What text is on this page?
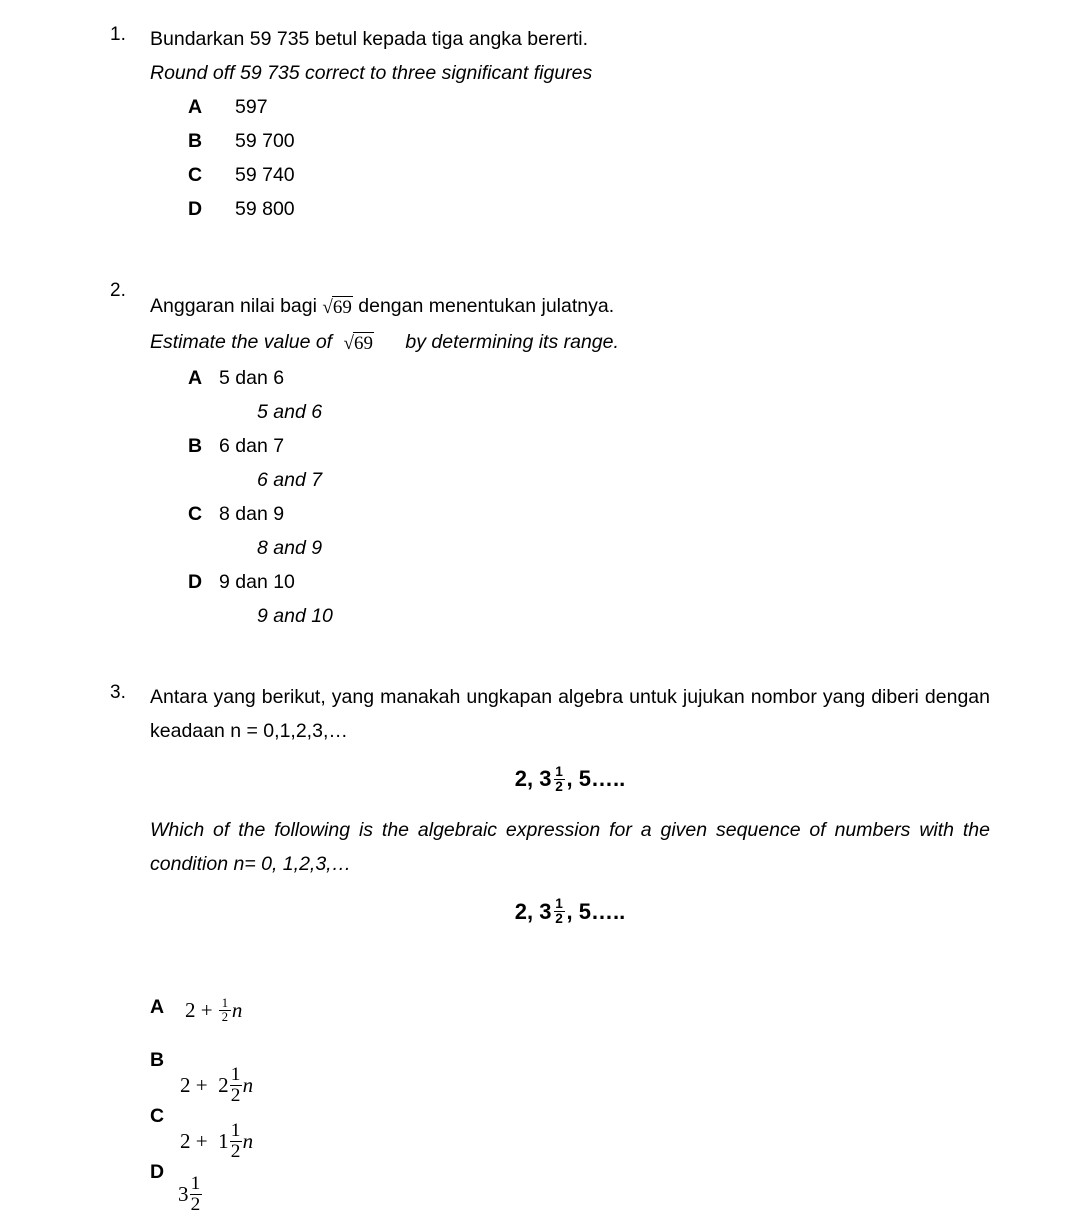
1.	Bundarkan 59 735 betul kepada tiga angka bererti.
Round off 59 735 correct to three significant figures
A	597
B	59 700
C	59 740
D	59 800
2.
Anggaran nilai bagi √69 dengan menentukan julatnya.
Estimate the value of √69 by determining its range.
A 5 dan 6
5 and 6
B 6 dan 7
6 and 7
C 8 dan 9
8 and 9
D 9 dan 10
9 and 10
3.	Antara yang berikut, yang manakah ungkapan algebra untuk jujukan nombor yang diberi dengan keadaan n = 0,1,2,3,…
2, $3 \frac{1}{2}$ , 5…..
Which of the following is the algebraic expression for a given sequence of numbers with the condition n= 0, 1,2,3,…
2, $3 \frac{1}{2}$ , 5…..
A 2 +
$\frac{1}{2}$ n
B
2 +
$2 \frac{1}{2}$ n
C
2 +
$1 \frac{1}{2}$ n
D
$3 \frac{1}{2}$
